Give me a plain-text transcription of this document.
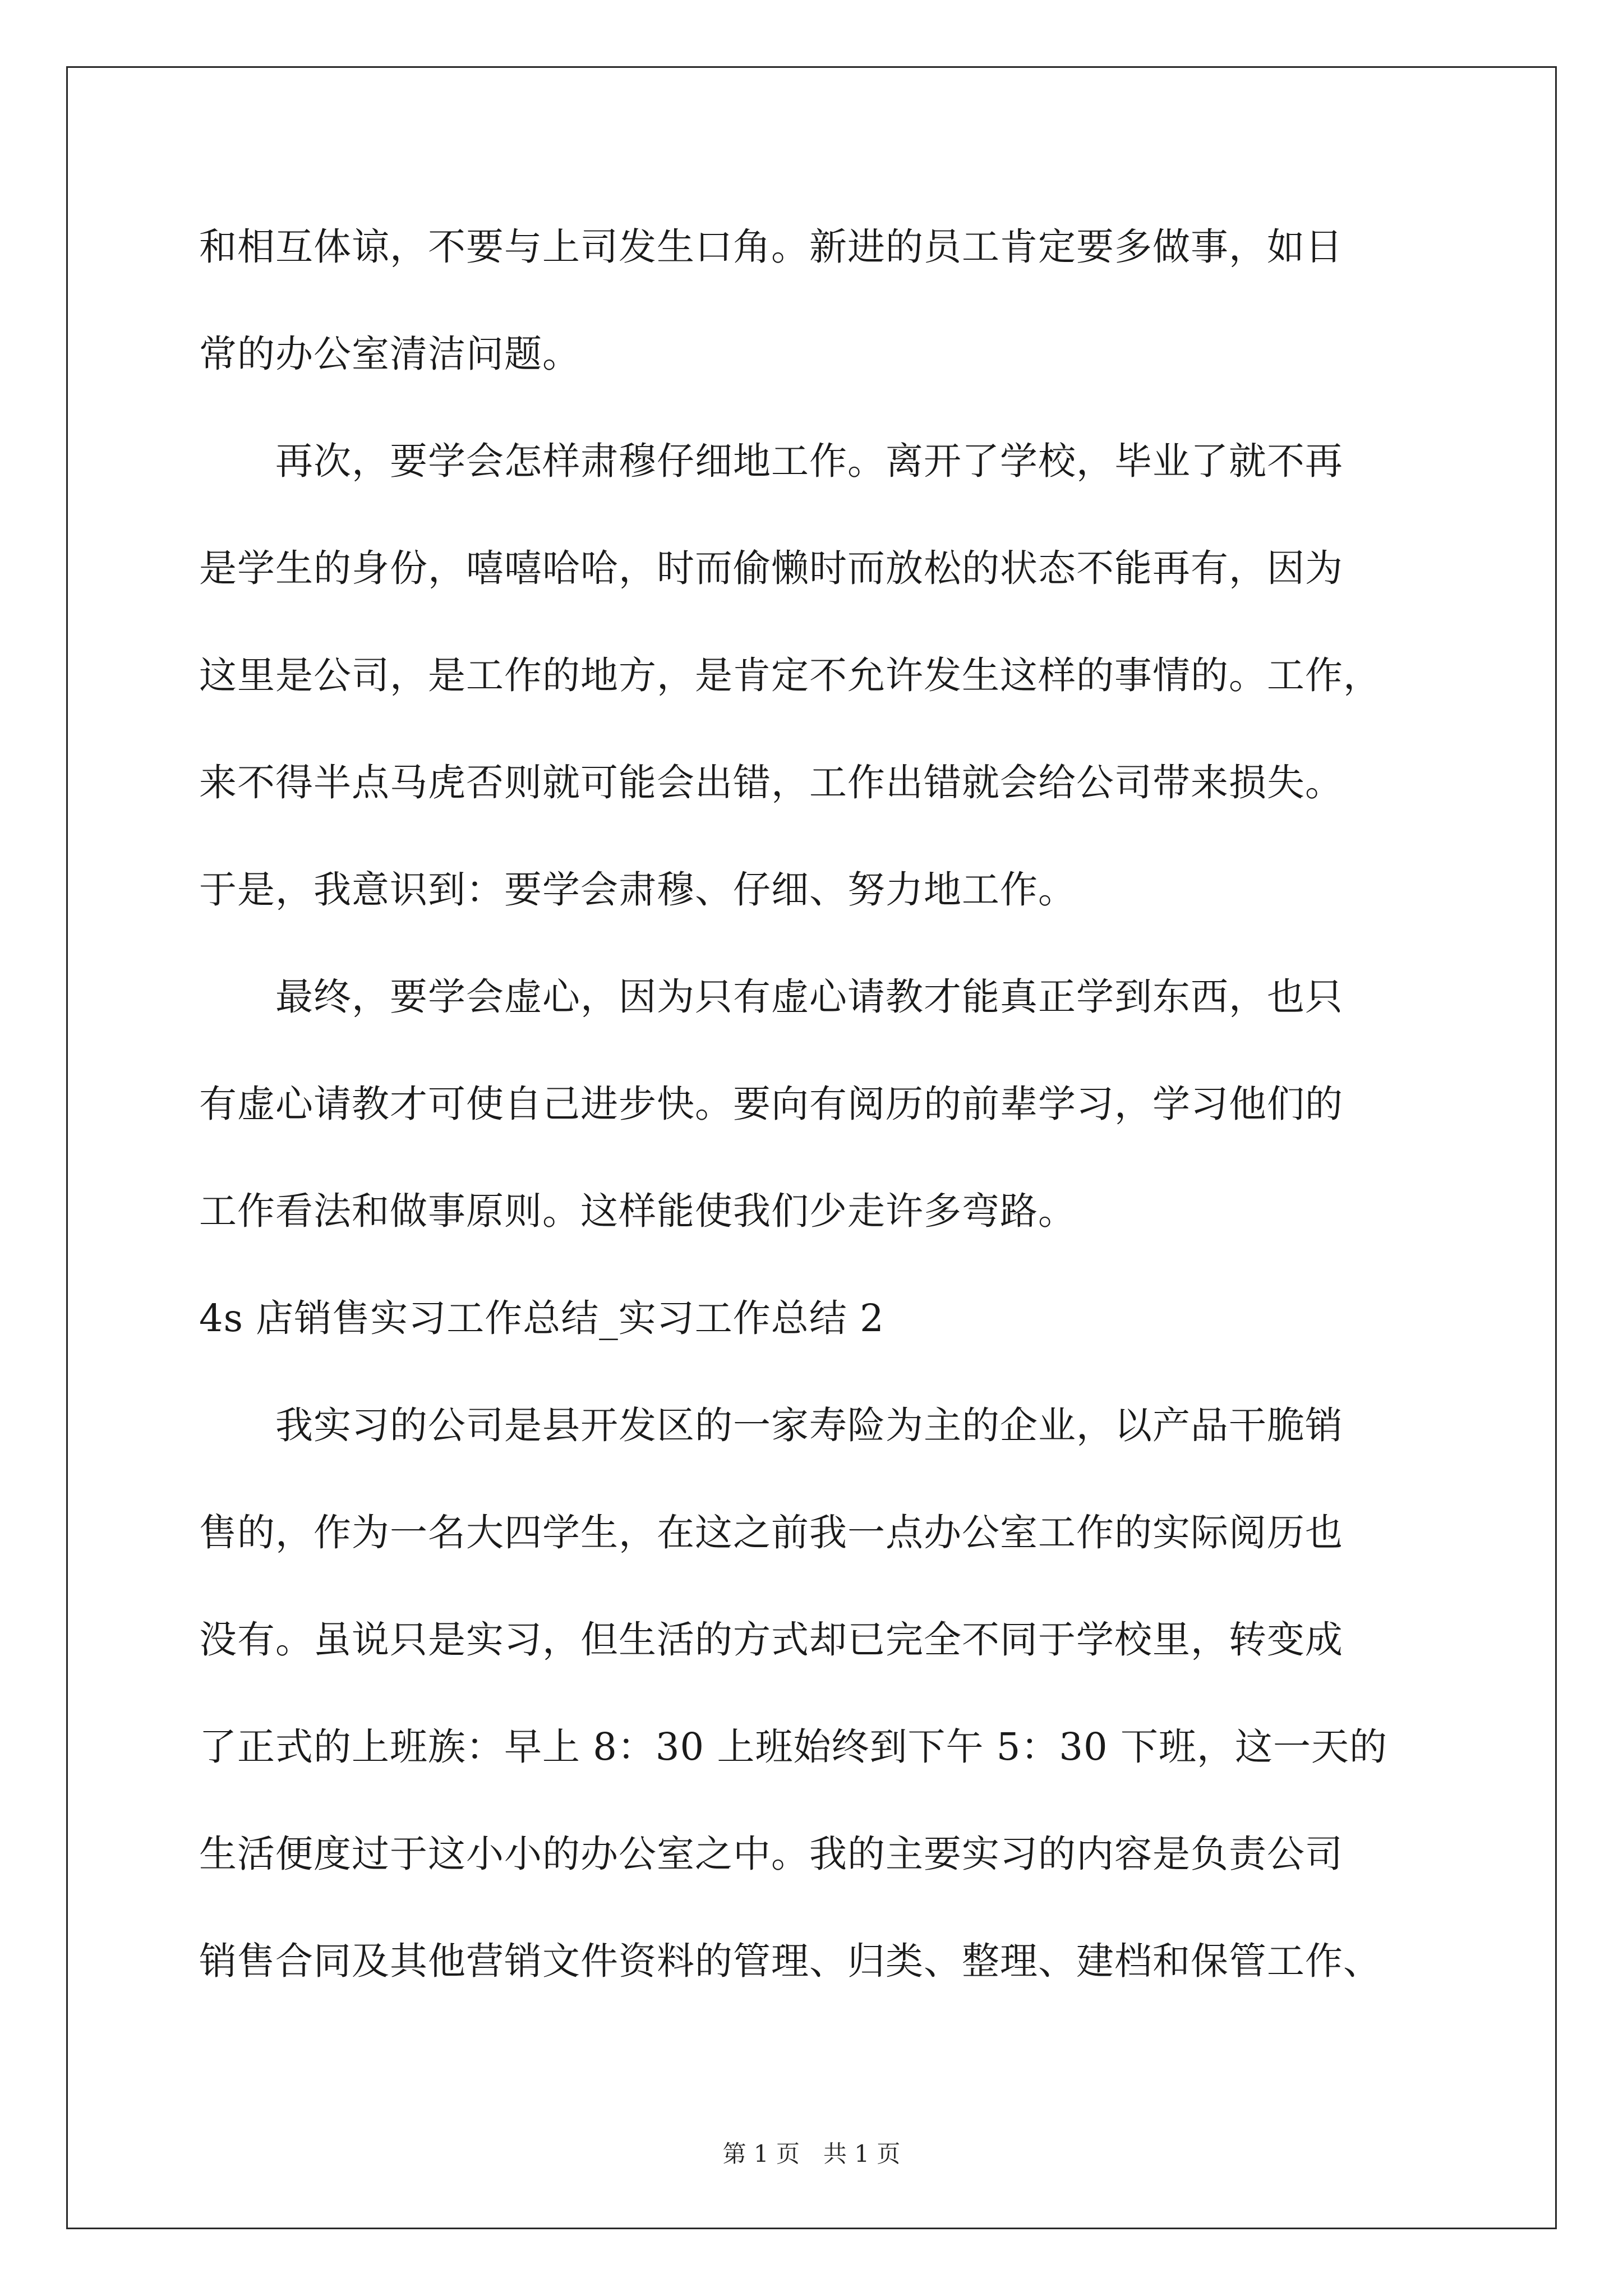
和相互体谅，不要与上司发生口角。新进的员工肯定要多做事，如日
常的办公室清洁问题。
　　再次，要学会怎样肃穆仔细地工作。离开了学校，毕业了就不再
是学生的身份，嘻嘻哈哈，时而偷懒时而放松的状态不能再有，因为
这里是公司，是工作的地方，是肯定不允许发生这样的事情的。工作，
来不得半点马虎否则就可能会出错，工作出错就会给公司带来损失。
于是，我意识到：要学会肃穆、仔细、努力地工作。
　　最终，要学会虚心，因为只有虚心请教才能真正学到东西，也只
有虚心请教才可使自己进步快。要向有阅历的前辈学习，学习他们的
工作看法和做事原则。这样能使我们少走许多弯路。
4s 店销售实习工作总结_实习工作总结 2
　　我实习的公司是县开发区的一家寿险为主的企业，以产品干脆销
售的，作为一名大四学生，在这之前我一点办公室工作的实际阅历也
没有。虽说只是实习，但生活的方式却已完全不同于学校里，转变成
了正式的上班族：早上 8：30 上班始终到下午 5：30 下班，这一天的
生活便度过于这小小的办公室之中。我的主要实习的内容是负责公司
销售合同及其他营销文件资料的管理、归类、整理、建档和保管工作、
第 1 页　共 1 页
